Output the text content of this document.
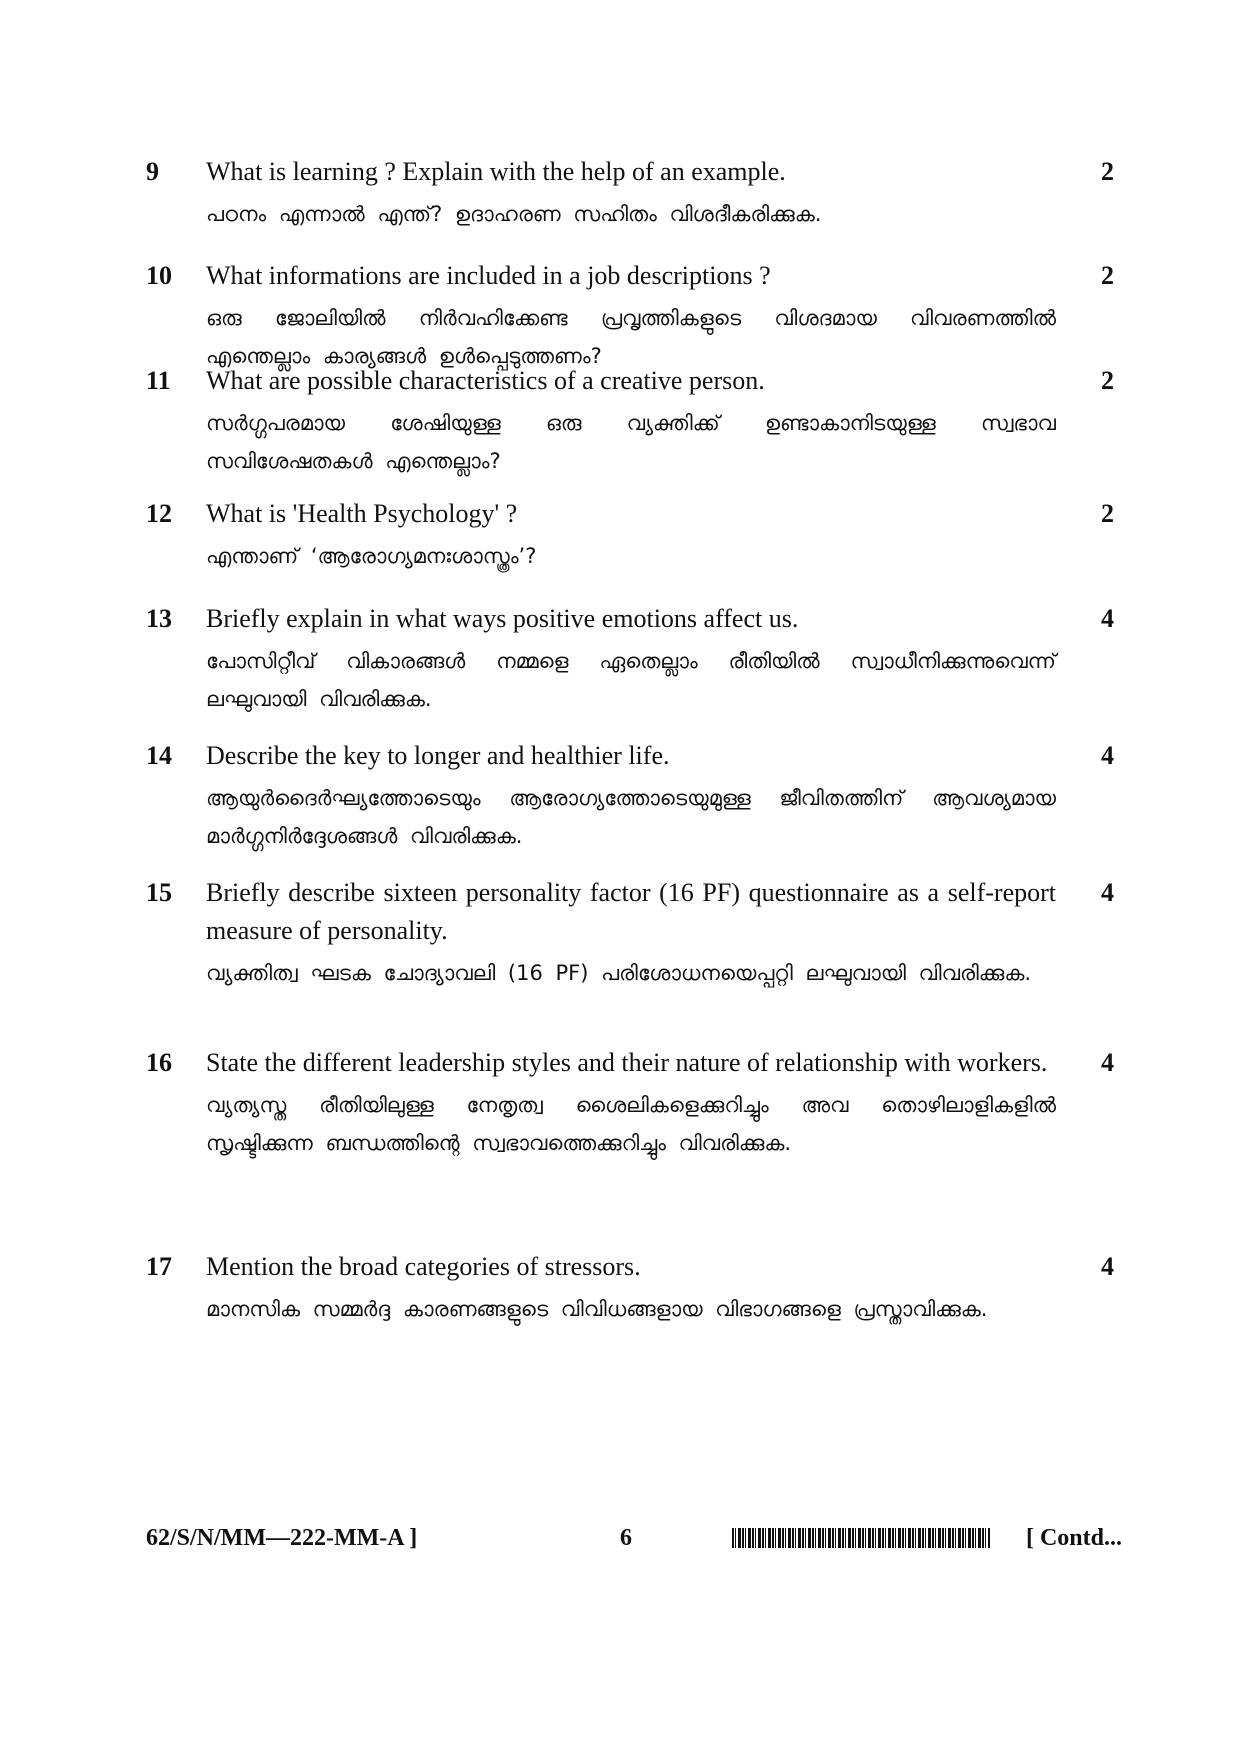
9	What is learning ? Explain with the help of an example.

പഠനം എന്നാൽ എന്ത്? ഉദാഹരണ സഹിതം വിശദീകരിക്കുക.

2
10	What informations are included in a job descriptions ?

ഒരു ജോലിയിൽ നിർവഹിക്കേണ്ട പ്രവൃത്തികളുടെ വിശദമായ വിവരണത്തിൽ എന്തെല്ലാം കാര്യങ്ങൾ ഉൾപ്പെടുത്തണം?

2
11	What are possible characteristics of a creative person.

സർഗ്ഗപരമായ ശേഷിയുള്ള ഒരു വ്യക്തിക്ക് ഉണ്ടാകാനിടയുള്ള സ്വഭാവ സവിശേഷതകൾ എന്തെല്ലാം?

2
12	What is 'Health Psychology' ?

എന്താണ് ‘ആരോഗ്യമനഃശാസ്ത്രം’?

2
13	Briefly explain in what ways positive emotions affect us.

പോസിറ്റീവ് വികാരങ്ങൾ നമ്മളെ ഏതെല്ലാം രീതിയിൽ സ്വാധീനിക്കുന്നുവെന്ന് ലഘുവായി വിവരിക്കുക.

4
14	Describe the key to longer and healthier life.

ആയുർദൈർഘ്യത്തോടെയും ആരോഗ്യത്തോടെയുമുള്ള ജീവിതത്തിന് ആവശ്യമായ മാർഗ്ഗനിർദ്ദേശങ്ങൾ വിവരിക്കുക.

4
15	Briefly describe sixteen personality factor (16 PF) questionnaire as a self-report measure of personality.

വ്യക്തിത്വ ഘടക ചോദ്യാവലി (16 PF) പരിശോധനയെപ്പറ്റി ലഘുവായി വിവരിക്കുക.

4
16	State the different leadership styles and their nature of relationship with workers.

വ്യത്യസ്ത രീതിയിലുള്ള നേതൃത്വ ശൈലികളെക്കുറിച്ചും അവ തൊഴിലാളികളിൽ സൃഷ്ടിക്കുന്ന ബന്ധത്തിന്റെ സ്വഭാവത്തെക്കുറിച്ചും വിവരിക്കുക.

4
17	Mention the broad categories of stressors.

മാനസിക സമ്മർദ്ദ കാരണങ്ങളുടെ വിവിധങ്ങളായ വിഭാഗങ്ങളെ പ്രസ്താവിക്കുക.

4
62/S/N/MM—222-MM-A ]	6	[ Contd...
